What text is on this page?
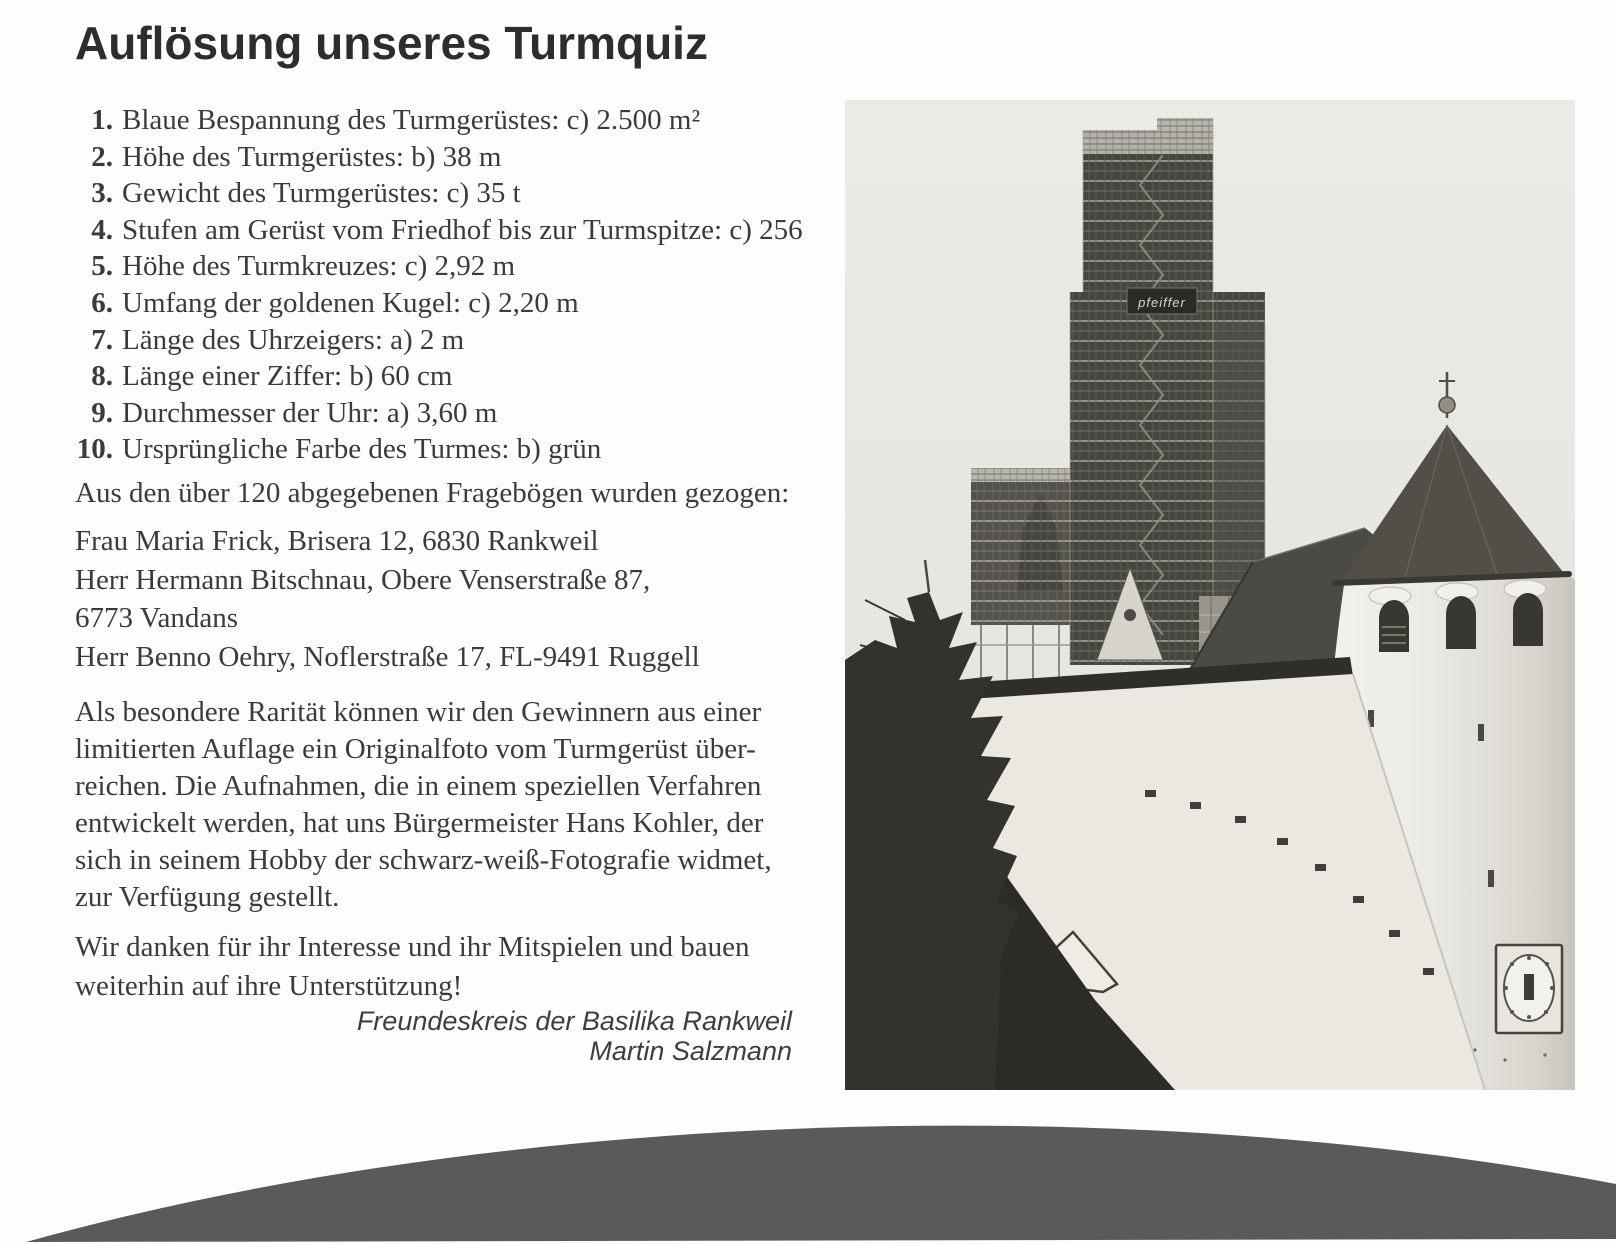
Auflösung unseres Turmquiz
1. Blaue Bespannung des Turmgerüstes: c) 2.500 m²
2. Höhe des Turmgerüstes: b) 38 m
3. Gewicht des Turmgerüstes: c) 35 t
4. Stufen am Gerüst vom Friedhof bis zur Turmspitze: c) 256
5. Höhe des Turmkreuzes: c) 2,92 m
6. Umfang der goldenen Kugel: c) 2,20 m
7. Länge des Uhrzeigers: a) 2 m
8. Länge einer Ziffer: b) 60 cm
9. Durchmesser der Uhr: a) 3,60 m
10. Ursprüngliche Farbe des Turmes: b) grün

Aus den über 120 abgegebenen Fragebögen wurden gezogen:

Frau Maria Frick, Brisera 12, 6830 Rankweil
Herr Hermann Bitschnau, Obere Venserstraße 87,
6773 Vandans
Herr Benno Oehry, Noflerstraße 17, FL-9491 Ruggell
Als besondere Rarität können wir den Gewinnern aus einer
limitierten Auflage ein Originalfoto vom Turmgerüst über-
reichen. Die Aufnahmen, die in einem speziellen Verfahren
entwickelt werden, hat uns Bürgermeister Hans Kohler, der
sich in seinem Hobby der schwarz-weiß-Fotografie widmet,
zur Verfügung gestellt.
Wir danken für ihr Interesse und ihr Mitspielen und bauen
weiterhin auf ihre Unterstützung!
Freundeskreis der Basilika Rankweil
Martin Salzmann
pfeiffer
